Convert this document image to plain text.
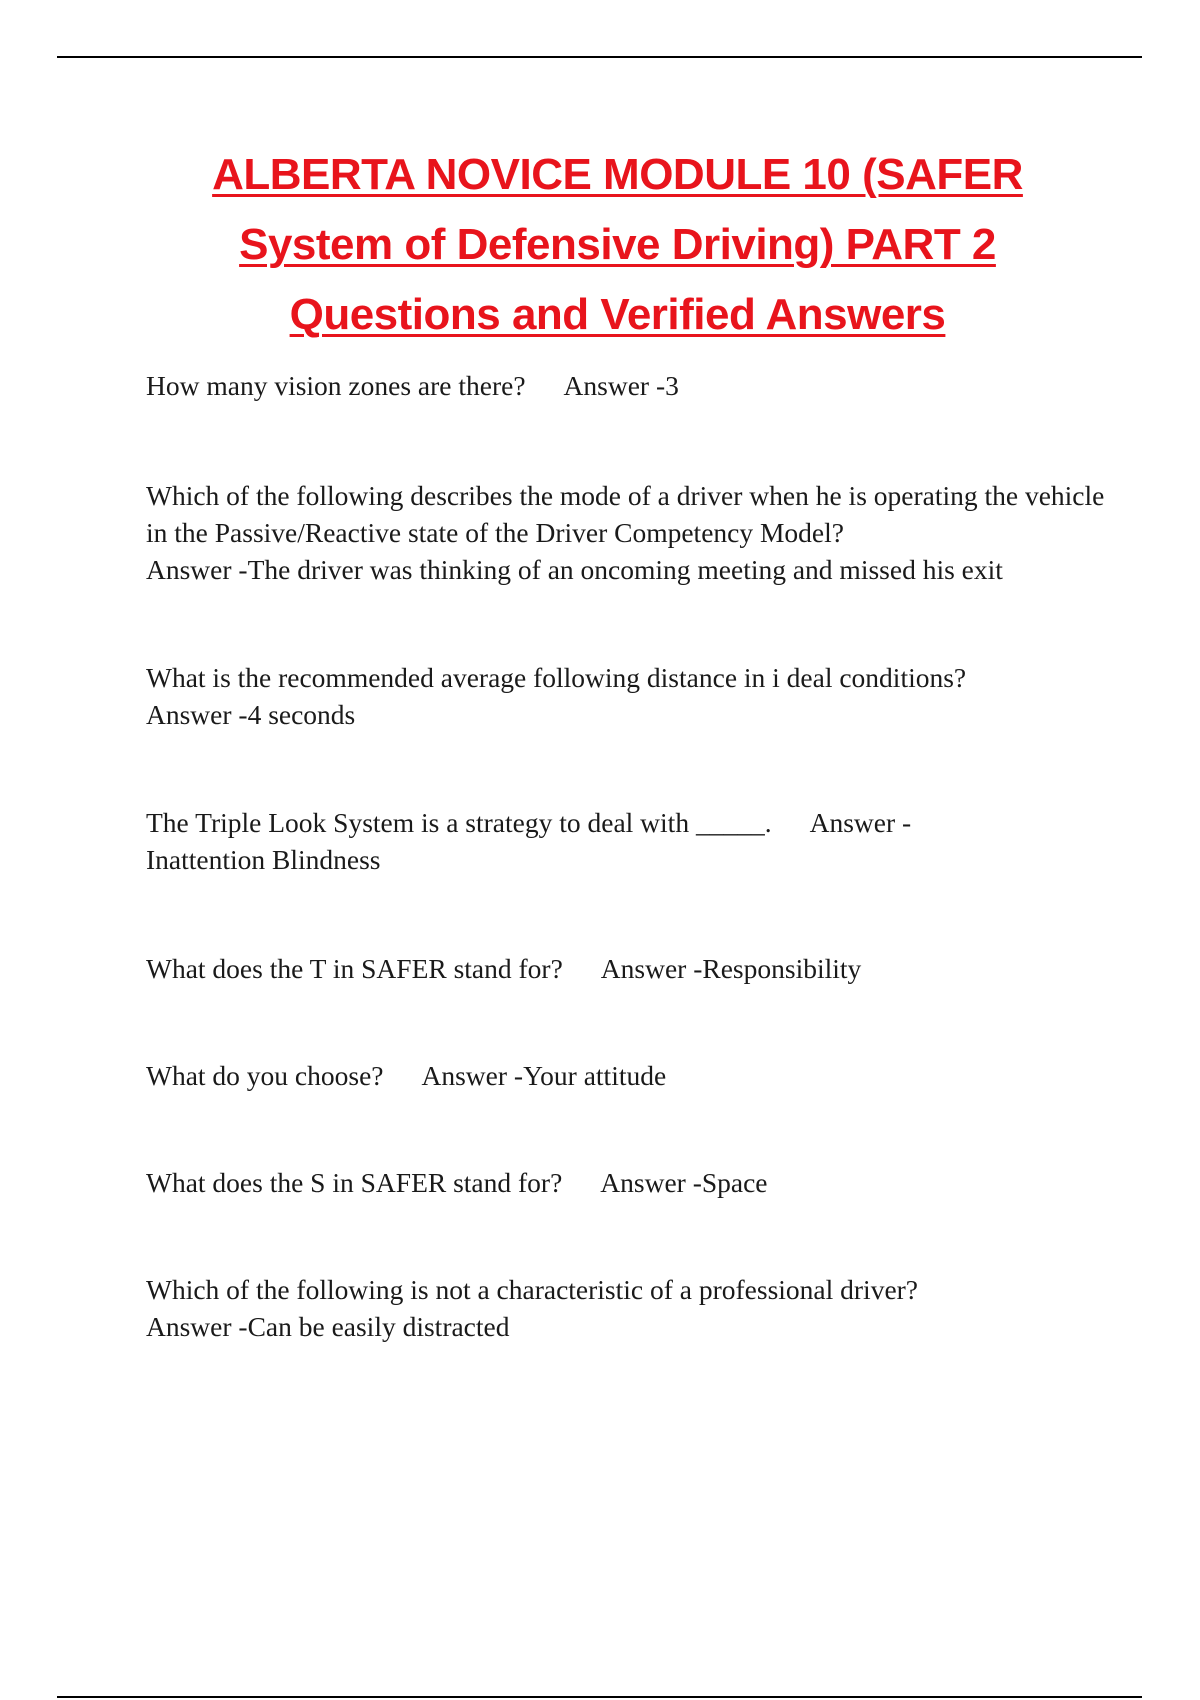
ALBERTA NOVICE MODULE 10 (SAFER
System of Defensive Driving) PART 2
Questions and Verified Answers

How many vision zones are there? Answer -3

Which of the following describes the mode of a driver when he is operating the vehicle in the Passive/Reactive state of the Driver Competency Model?
Answer -The driver was thinking of an oncoming meeting and missed his exit

What is the recommended average following distance in i deal conditions?
Answer -4 seconds

The Triple Look System is a strategy to deal with _____. Answer - Inattention Blindness

What does the T in SAFER stand for? Answer -Responsibility

What do you choose? Answer -Your attitude

What does the S in SAFER stand for? Answer -Space

Which of the following is not a characteristic of a professional driver?
Answer -Can be easily distracted
